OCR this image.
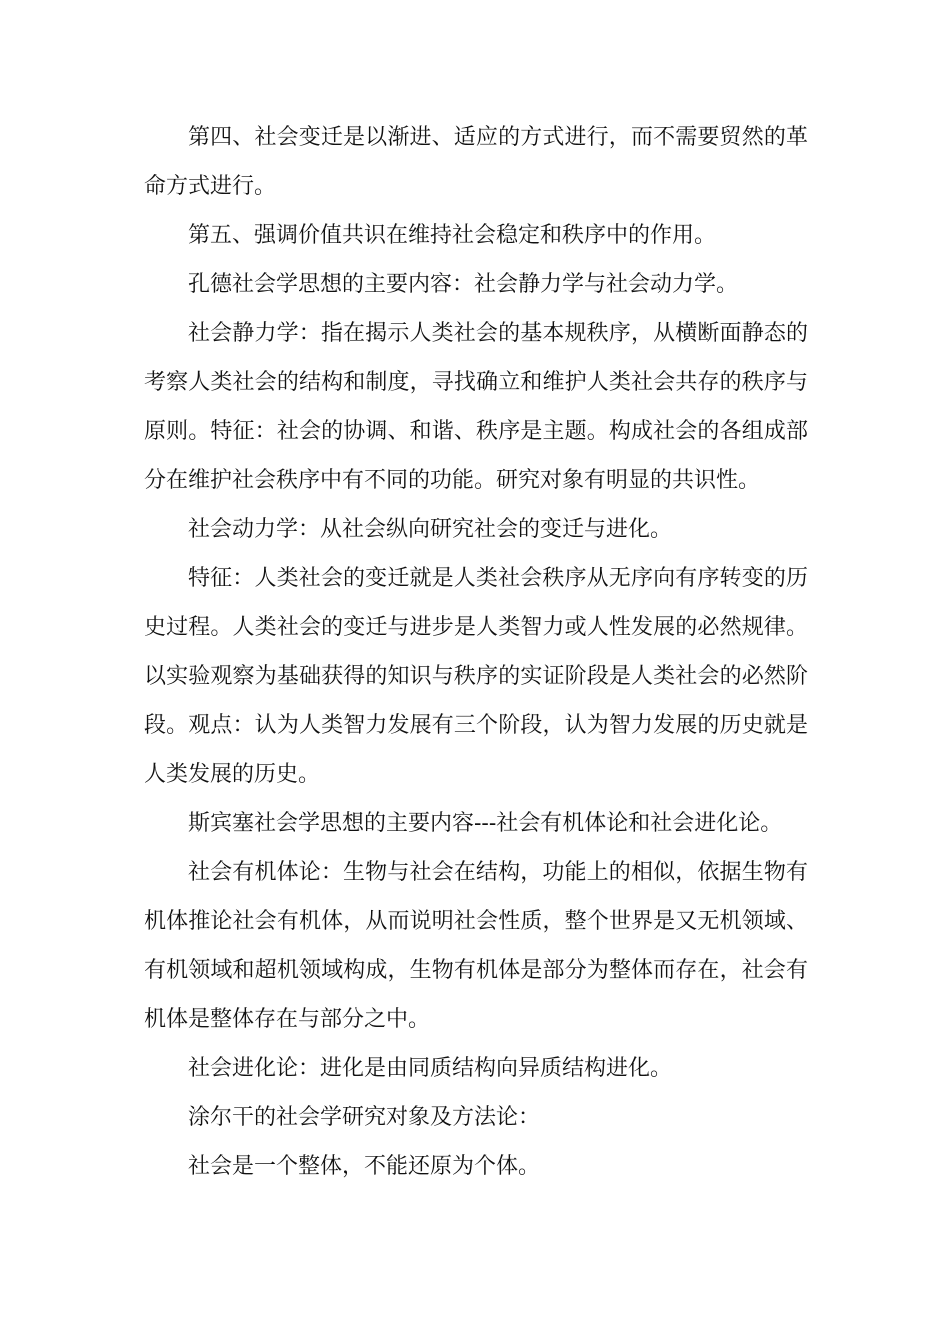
第四、社会变迁是以渐进、适应的方式进行，而不需要贸然的革命方式进行。

第五、强调价值共识在维持社会稳定和秩序中的作用。

孔德社会学思想的主要内容：社会静力学与社会动力学。

社会静力学：指在揭示人类社会的基本规秩序，从横断面静态的考察人类社会的结构和制度，寻找确立和维护人类社会共存的秩序与原则。特征：社会的协调、和谐、秩序是主题。构成社会的各组成部分在维护社会秩序中有不同的功能。研究对象有明显的共识性。

社会动力学：从社会纵向研究社会的变迁与进化。

特征：人类社会的变迁就是人类社会秩序从无序向有序转变的历史过程。人类社会的变迁与进步是人类智力或人性发展的必然规律。以实验观察为基础获得的知识与秩序的实证阶段是人类社会的必然阶段。观点：认为人类智力发展有三个阶段，认为智力发展的历史就是人类发展的历史。

斯宾塞社会学思想的主要内容---社会有机体论和社会进化论。

社会有机体论：生物与社会在结构，功能上的相似，依据生物有机体推论社会有机体，从而说明社会性质，整个世界是又无机领域、有机领域和超机领域构成，生物有机体是部分为整体而存在，社会有机体是整体存在与部分之中。

社会进化论：进化是由同质结构向异质结构进化。

涂尔干的社会学研究对象及方法论：

社会是一个整体，不能还原为个体。
